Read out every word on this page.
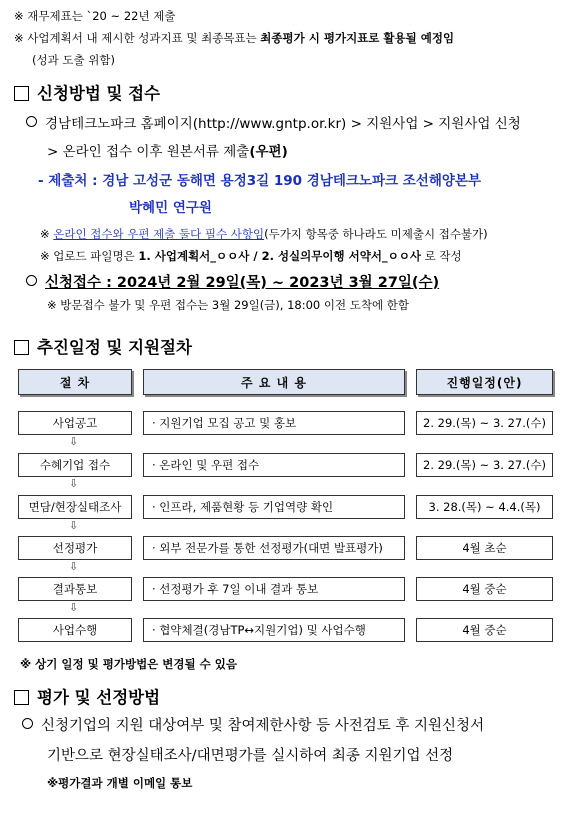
※ 재무제표는 `20 ~ 22년 제출
※ 사업계획서 내 제시한 성과지표 및 최종목표는 최종평가 시 평가지표로 활용될 예정임
(성과 도출 위함)
신청방법 및 접수
경남테크노파크 홈페이지(http://www.gntp.or.kr) > 지원사업 > 지원사업 신청
> 온라인 접수 이후 원본서류 제출(우편)
- 제출처 : 경남 고성군 동해면 용정3길 190 경남테크노파크 조선해양본부
박혜민 연구원
※ 온라인 접수와 우편 제출 둘다 필수 사항임(두가지 항목중 하나라도 미제출시 접수불가)
※ 업로드 파일명은 1. 사업계획서_ㅇㅇ사 / 2. 성실의무이행 서약서_ㅇㅇ사 로 작성
신청접수 : 2024년 2월 29일(목) ~ 2023년 3월 27일(수)
※ 방문접수 불가 및 우편 접수는 3월 29일(금), 18:00 이전 도착에 한함
추진일정 및 지원절차
절 차	주 요 내 용	진행일정(안)
사업공고	· 지원기업 모집 공고 및 홍보	2. 29.(목) ~ 3. 27.(수)
⇩
수혜기업 접수	· 온라인 및 우편 접수	2. 29.(목) ~ 3. 27.(수)
⇩
면담/현장실태조사	· 인프라, 제품현황 등 기업역량 확인	3. 28.(목) ~ 4.4.(목)
⇩
선정평가	· 외부 전문가를 통한 선정평가(대면 발표평가)	4월 초순
⇩
결과통보	· 선정평가 후 7일 이내 결과 통보	4월 중순
⇩
사업수행	· 협약체결(경남TP↔지원기업) 및 사업수행	4월 중순
※ 상기 일정 및 평가방법은 변경될 수 있음
평가 및 선정방법
신청기업의 지원 대상여부 및 참여제한사항 등 사전검토 후 지원신청서
기반으로 현장실태조사/대면평가를 실시하여 최종 지원기업 선정
※평가결과 개별 이메일 통보
